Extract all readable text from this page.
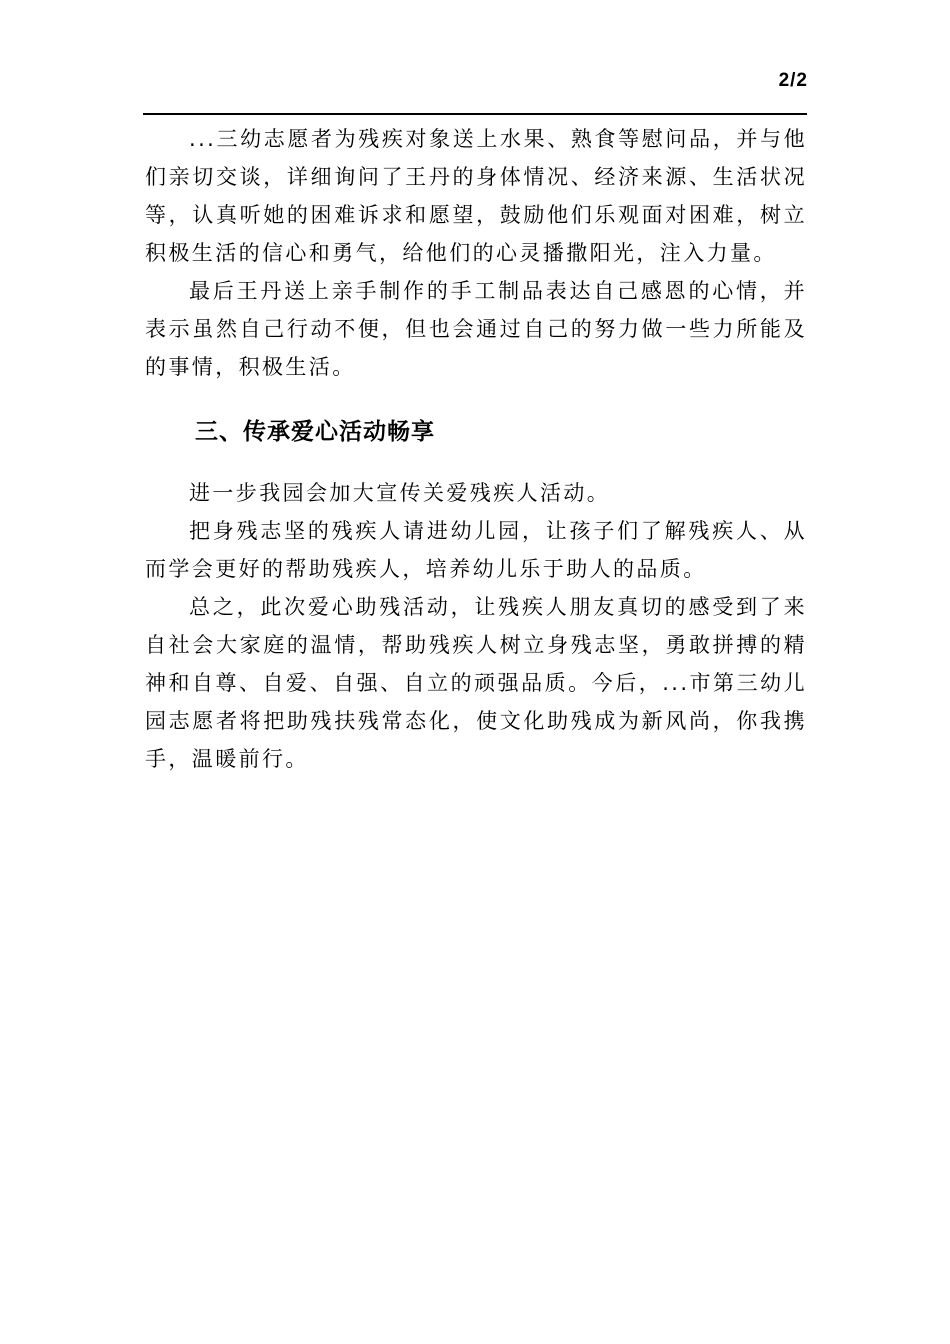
2/2

...三幼志愿者为残疾对象送上水果、熟食等慰问品，并与他们亲切交谈，详细询问了王丹的身体情况、经济来源、生活状况等，认真听她的困难诉求和愿望，鼓励他们乐观面对困难，树立积极生活的信心和勇气，给他们的心灵播撒阳光，注入力量。

最后王丹送上亲手制作的手工制品表达自己感恩的心情，并表示虽然自己行动不便，但也会通过自己的努力做一些力所能及的事情，积极生活。

三、传承爱心活动畅享

进一步我园会加大宣传关爱残疾人活动。

把身残志坚的残疾人请进幼儿园，让孩子们了解残疾人、从而学会更好的帮助残疾人，培养幼儿乐于助人的品质。

总之，此次爱心助残活动，让残疾人朋友真切的感受到了来自社会大家庭的温情，帮助残疾人树立身残志坚，勇敢拼搏的精神和自尊、自爱、自强、自立的顽强品质。今后，...市第三幼儿园志愿者将把助残扶残常态化，使文化助残成为新风尚，你我携手，温暖前行。
